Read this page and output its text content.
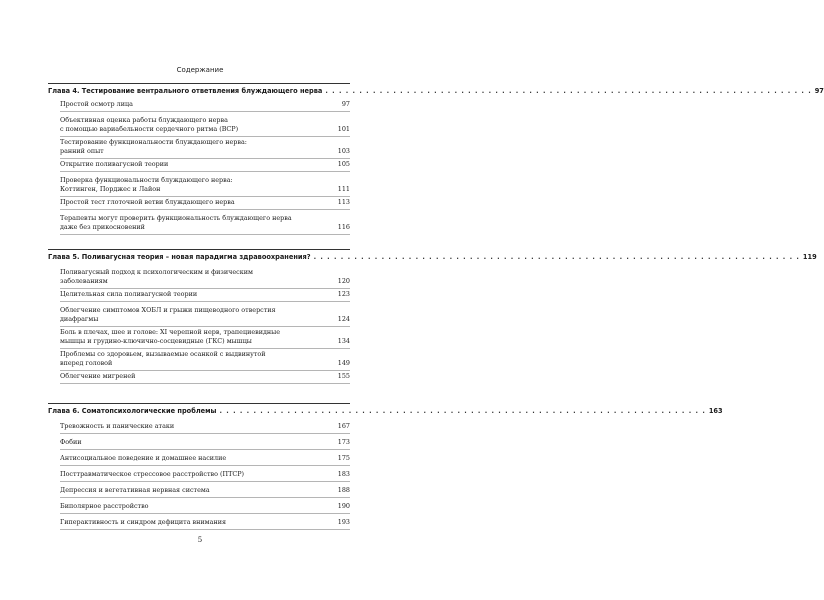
Содержание
Глава 4. Тестирование вентрального ответвления блуждающего нерва . . . . . . . . . . . . . . . . . . . . . . . . . . . . . . . . . . . . . . . . . . . . . . . . . . . . . . . . . . . . . . . . . . . . . . . . 97
Простой осмотр лица	97
Объективная оценка работы блуждающего нерва
с помощью вариабельности сердечного ритма (ВСР)	101
Тестирование функциональности блуждающего нерва:
ранний опыт	103
Открытие поливагусной теории	105
Проверка функциональности блуждающего нерва:
Коттинген, Порджес и Лайон	111
Простой тест глоточной ветви блуждающего нерва	113
Терапевты могут проверить функциональность блуждающего нерва
даже без прикосновений	116
Глава 5. Поливагусная теория – новая парадигма здравоохранения? . . . . . . . . . . . . . . . . . . . . . . . . . . . . . . . . . . . . . . . . . . . . . . . . . . . . . . . . . . . . . . . . . . . . . . . . 119
Поливагусный подход к психологическим и физическим
заболеваниям	120
Целительная сила поливагусной теории	123
Облегчение симптомов ХОБЛ и грыжи пищеводного отверстия
диафрагмы	124
Боль в плечах, шее и голове: XI черепной нерв, трапециевидные
мышцы и грудино-ключично-сосцевидные (ГКС) мышцы	134
Проблемы со здоровьем, вызываемые осанкой с выдвинутой
вперед головой	149
Облегчение мигреней	155
Глава 6. Соматопсихологические проблемы . . . . . . . . . . . . . . . . . . . . . . . . . . . . . . . . . . . . . . . . . . . . . . . . . . . . . . . . . . . . . . . . . . . . . . . . 163
Тревожность и панические атаки	167
Фобии	173
Антисоциальное поведение и домашнее насилие	175
Посттравматическое стрессовое расстройство (ПТСР)	183
Депрессия и вегетативная нервная система	188
Биполярное расстройство	190
Гиперактивность и синдром дефицита внимания	193
5
